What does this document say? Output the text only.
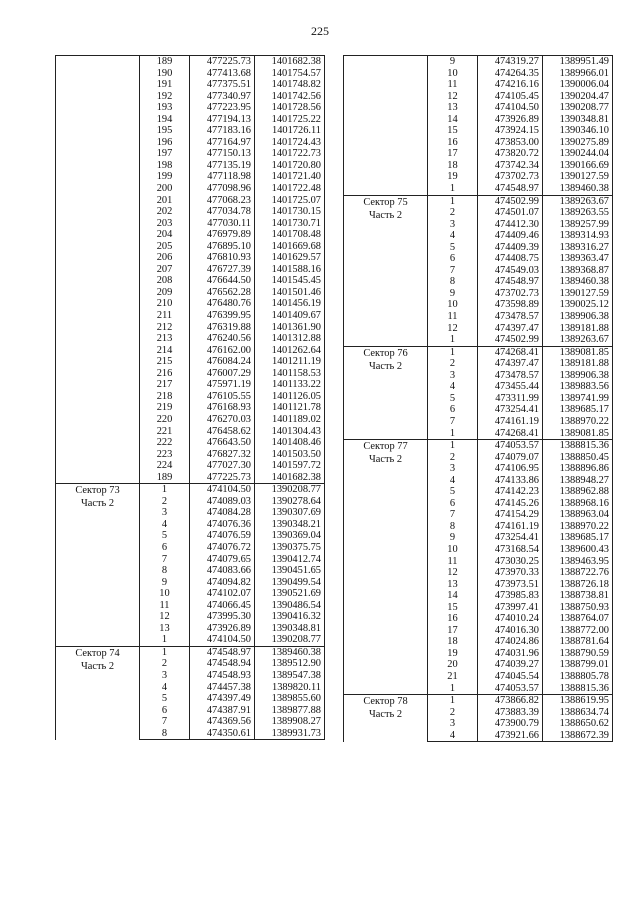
225
	189	477225.73	1401682.38
	190	477413.68	1401754.57
	191	477375.51	1401748.82
	192	477340.97	1401742.56
	193	477223.95	1401728.56
	194	477194.13	1401725.22
	195	477183.16	1401726.11
	196	477164.97	1401724.43
	197	477150.13	1401722.73
	198	477135.19	1401720.80
	199	477118.98	1401721.40
	200	477098.96	1401722.48
	201	477068.23	1401725.07
	202	477034.78	1401730.15
	203	477030.11	1401730.71
	204	476979.89	1401708.48
	205	476895.10	1401669.68
	206	476810.93	1401629.57
	207	476727.39	1401588.16
	208	476644.50	1401545.45
	209	476562.28	1401501.46
	210	476480.76	1401456.19
	211	476399.95	1401409.67
	212	476319.88	1401361.90
	213	476240.56	1401312.88
	214	476162.00	1401262.64
	215	476084.24	1401211.19
	216	476007.29	1401158.53
	217	475971.19	1401133.22
	218	476105.55	1401126.05
	219	476168.93	1401121.78
	220	476270.03	1401189.02
	221	476458.62	1401304.43
	222	476643.50	1401408.46
	223	476827.32	1401503.50
	224	477027.30	1401597.72
	189	477225.73	1401682.38

Сектор 73
Часть 2	1	474104.50	1390208.77
	2	474089.03	1390278.64
	3	474084.28	1390307.69
	4	474076.36	1390348.21
	5	474076.59	1390369.04
	6	474076.72	1390375.75
	7	474079.65	1390412.74
	8	474083.66	1390451.65
	9	474094.82	1390499.54
	10	474102.07	1390521.69
	11	474066.45	1390486.54
	12	473995.30	1390416.32
	13	473926.89	1390348.81
	1	474104.50	1390208.77

Сектор 74
Часть 2	1	474548.97	1389460.38
	2	474548.94	1389512.90
	3	474548.93	1389547.38
	4	474457.38	1389820.11
	5	474397.49	1389855.60
	6	474387.91	1389877.88
	7	474369.56	1389908.27
	8	474350.61	1389931.73
	9	474319.27	1389951.49
	10	474264.35	1389966.01
	11	474216.16	1390006.04
	12	474105.45	1390204.47
	13	474104.50	1390208.77
	14	473926.89	1390348.81
	15	473924.15	1390346.10
	16	473853.00	1390275.89
	17	473820.72	1390244.04
	18	473742.34	1390166.69
	19	473702.73	1390127.59
	1	474548.97	1389460.38

Сектор 75
Часть 2	1	474502.99	1389263.67
	2	474501.07	1389263.55
	3	474412.30	1389257.99
	4	474409.46	1389314.93
	5	474409.39	1389316.27
	6	474408.75	1389363.47
	7	474549.03	1389368.87
	8	474548.97	1389460.38
	9	473702.73	1390127.59
	10	473598.89	1390025.12
	11	473478.57	1389906.38
	12	474397.47	1389181.88
	1	474502.99	1389263.67

Сектор 76
Часть 2	1	474268.41	1389081.85
	2	474397.47	1389181.88
	3	473478.57	1389906.38
	4	473455.44	1389883.56
	5	473311.99	1389741.99
	6	473254.41	1389685.17
	7	474161.19	1388970.22
	1	474268.41	1389081.85

Сектор 77
Часть 2	1	474053.57	1388815.36
	2	474079.07	1388850.45
	3	474106.95	1388896.86
	4	474133.86	1388948.27
	5	474142.23	1388962.88
	6	474145.26	1388968.16
	7	474154.29	1388963.04
	8	474161.19	1388970.22
	9	473254.41	1389685.17
	10	473168.54	1389600.43
	11	473030.25	1389463.95
	12	473970.33	1388722.76
	13	473973.51	1388726.18
	14	473985.83	1388738.81
	15	473997.41	1388750.93
	16	474010.24	1388764.07
	17	474016.30	1388772.00
	18	474024.86	1388781.64
	19	474031.96	1388790.59
	20	474039.27	1388799.01
	21	474045.54	1388805.78
	1	474053.57	1388815.36

Сектор 78
Часть 2	1	473866.82	1388619.95
	2	473883.39	1388634.74
	3	473900.79	1388650.62
	4	473921.66	1388672.39
